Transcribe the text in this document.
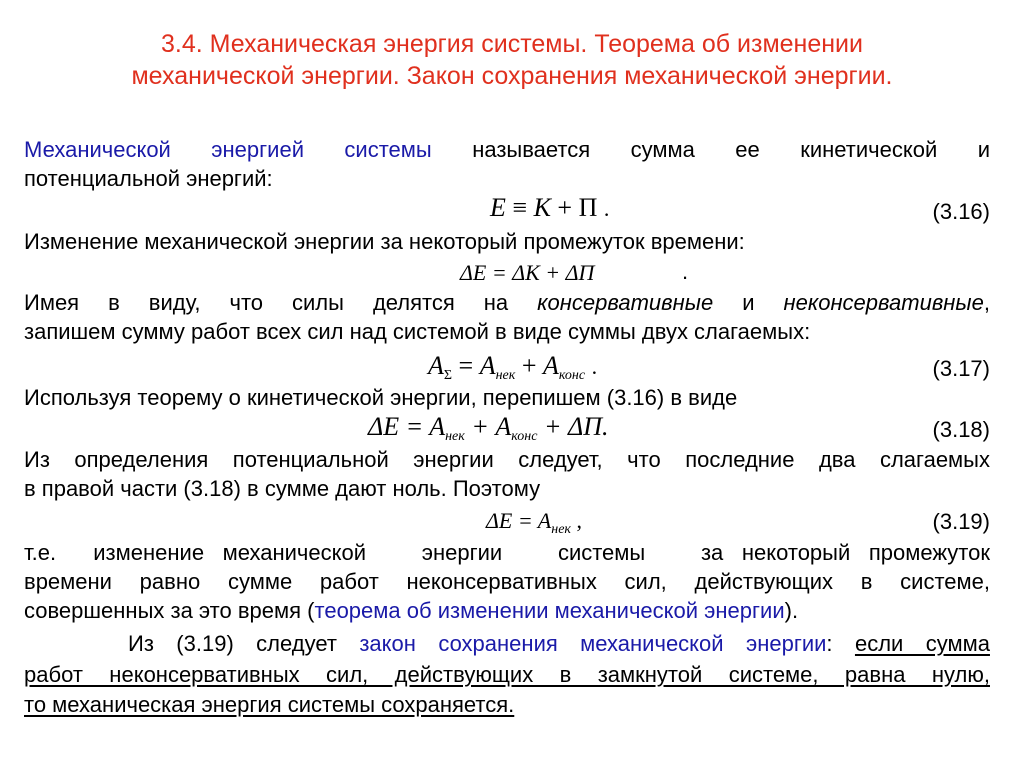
3.4. Механическая энергия системы. Теорема об изменении
механической энергии. Закон сохранения механической энергии.
Механической энергией системы называется сумма ее кинетической и
потенциальной энергий:
E ≡ K + Π .	(3.16)
Изменение механической энергии за некоторый промежуток времени:
ΔE = ΔK + ΔΠ	.
Имея в виду, что силы делятся на консервативные и неконсервативные,
запишем сумму работ всех сил над системой в виде суммы двух слагаемых:
$A_\Sigma = A_{нек} + A_{конс}$ .	(3.17)
Используя теорему о кинетической энергии, перепишем (3.16) в виде
$\Delta E = A_{нек} + A_{конс} + \Delta\Pi$.	(3.18)
Из определения потенциальной энергии следует, что последние два слагаемых
в правой части (3.18) в сумме дают ноль. Поэтому
$\Delta E = A_{нек}$ ,	(3.19)
т.е.  изменение механической   энергии   системы   за некоторый промежуток
времени равно сумме работ неконсервативных сил, действующих в системе,
совершенных за это время (теорема об изменении механической энергии).
Из (3.19) следует закон сохранения механической энергии: если сумма
работ неконсервативных сил, действующих в замкнутой системе, равна нулю,
то механическая энергия системы сохраняется.
